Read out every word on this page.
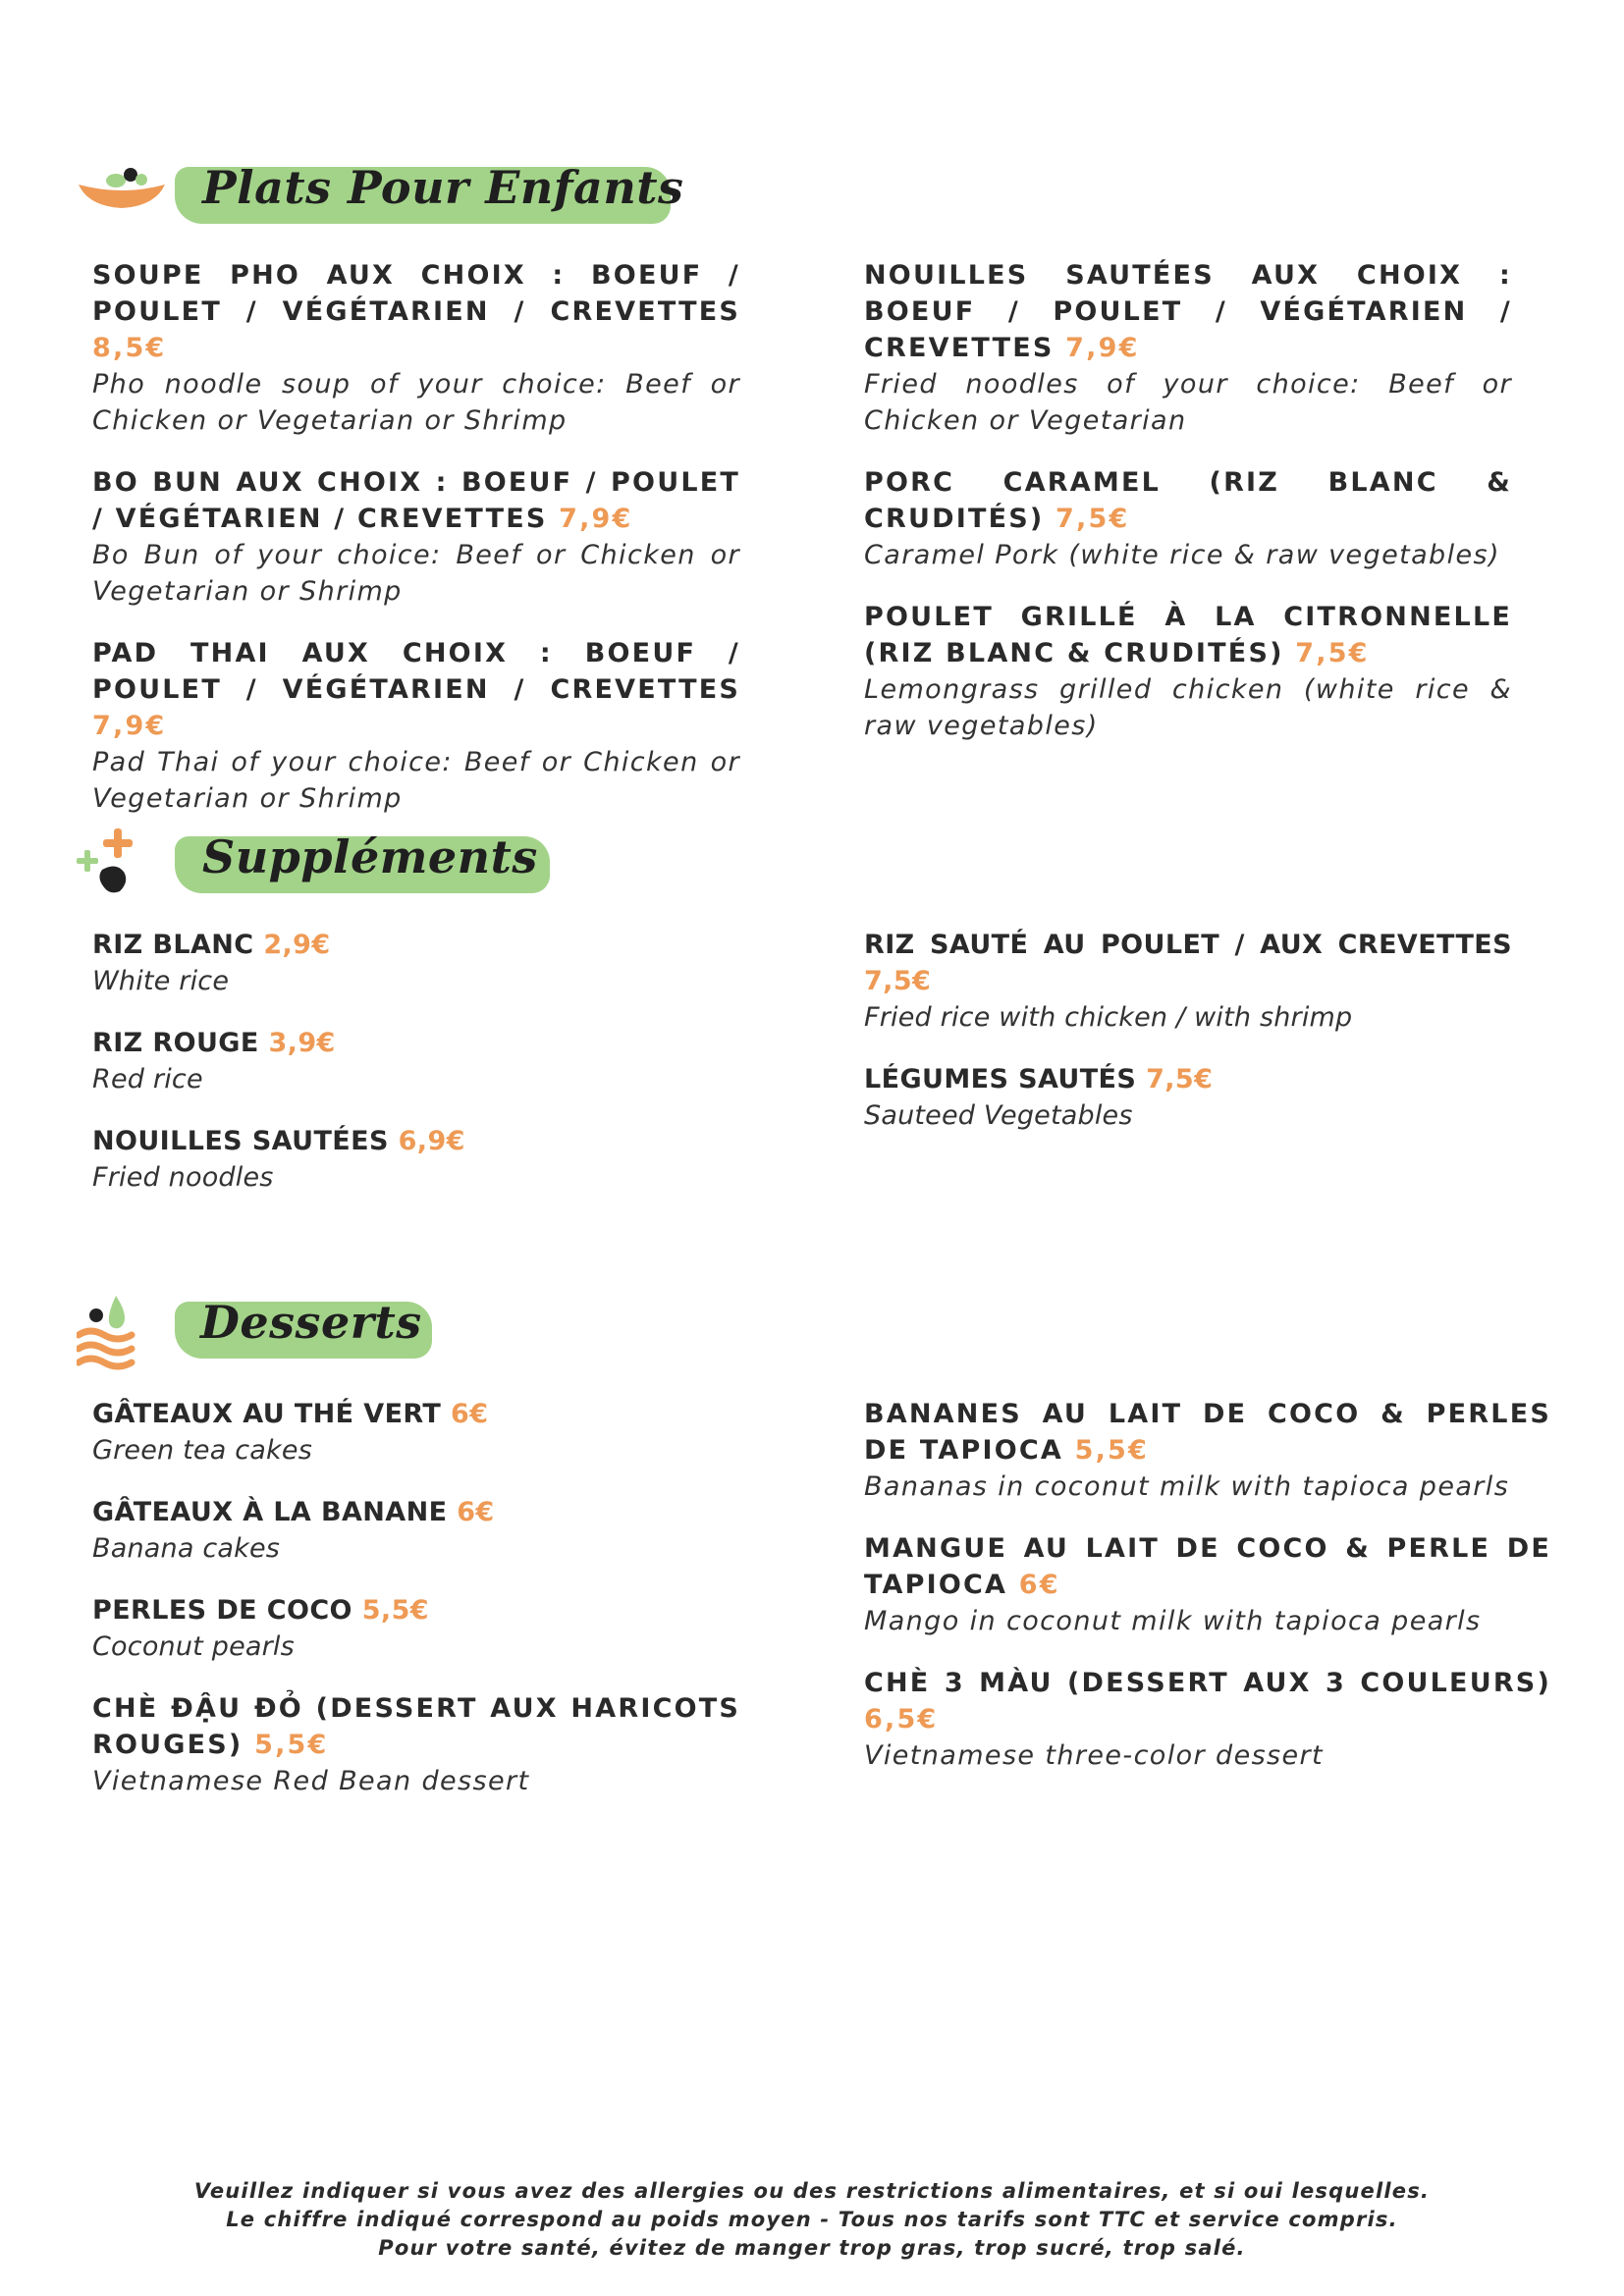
Plats Pour Enfants
SOUPE PHO AUX CHOIX : BOEUF / POULET / VÉGÉTARIEN / CREVETTES 8,5€
Pho noodle soup of your choice: Beef or Chicken or Vegetarian or Shrimp
BO BUN AUX CHOIX : BOEUF / POULET / VÉGÉTARIEN / CREVETTES 7,9€
Bo Bun of your choice: Beef or Chicken or Vegetarian or Shrimp
PAD THAI AUX CHOIX : BOEUF / POULET / VÉGÉTARIEN / CREVETTES 7,9€
Pad Thai of your choice: Beef or Chicken or Vegetarian or Shrimp
NOUILLES SAUTÉES AUX CHOIX : BOEUF / POULET / VÉGÉTARIEN / CREVETTES 7,9€
Fried noodles of your choice: Beef or Chicken or Vegetarian
PORC CARAMEL (RIZ BLANC & CRUDITÉS) 7,5€
Caramel Pork (white rice & raw vegetables)
POULET GRILLÉ À LA CITRONNELLE (RIZ BLANC & CRUDITÉS) 7,5€
Lemongrass grilled chicken (white rice & raw vegetables)
Suppléments
RIZ BLANC 2,9€
White rice
RIZ ROUGE 3,9€
Red rice
NOUILLES SAUTÉES 6,9€
Fried noodles
RIZ SAUTÉ AU POULET / AUX CREVETTES 7,5€
Fried rice with chicken / with shrimp
LÉGUMES SAUTÉS 7,5€
Sauteed Vegetables
Desserts
GÂTEAUX AU THÉ VERT 6€
Green tea cakes
GÂTEAUX À LA BANANE 6€
Banana cakes
PERLES DE COCO 5,5€
Coconut pearls
CHÈ ĐẬU ĐỎ (DESSERT AUX HARICOTS ROUGES) 5,5€
Vietnamese Red Bean dessert
BANANES AU LAIT DE COCO & PERLES DE TAPIOCA 5,5€
Bananas in coconut milk with tapioca pearls
MANGUE AU LAIT DE COCO & PERLE DE TAPIOCA 6€
Mango in coconut milk with tapioca pearls
CHÈ 3 MÀU (DESSERT AUX 3 COULEURS) 6,5€
Vietnamese three-color dessert
Veuillez indiquer si vous avez des allergies ou des restrictions alimentaires, et si oui lesquelles.
Le chiffre indiqué correspond au poids moyen - Tous nos tarifs sont TTC et service compris.
Pour votre santé, évitez de manger trop gras, trop sucré, trop salé.
